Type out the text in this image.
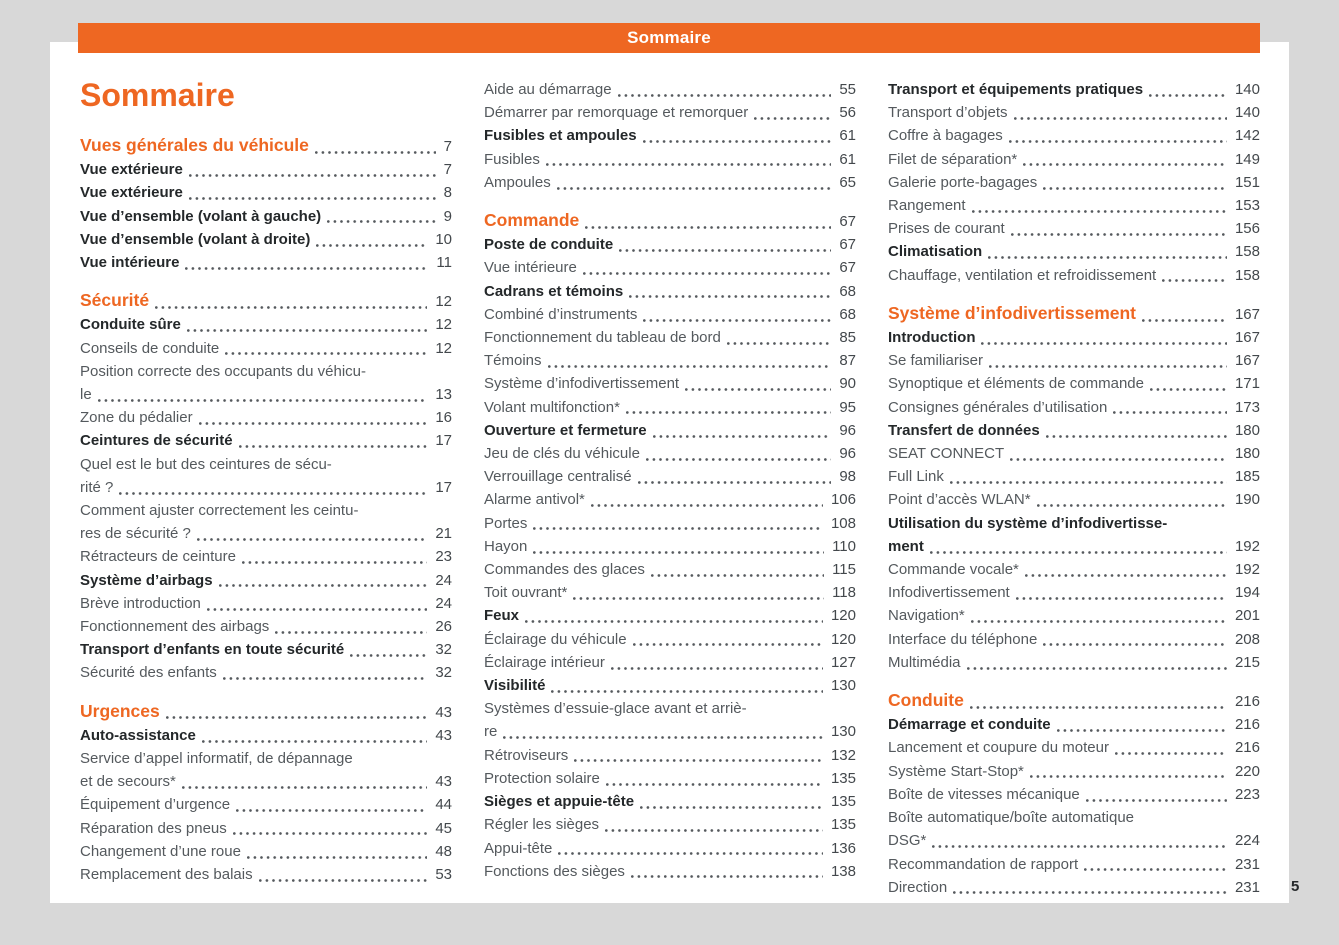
Sommaire
Vues générales du véhicule	7
Vue extérieure	7
Vue extérieure	8
Vue d’ensemble (volant à gauche)	9
Vue d’ensemble (volant à droite)	10
Vue intérieure	11
Sécurité	12
Conduite sûre	12
Conseils de conduite	12
Position correcte des occupants du véhicu-
le	13
Zone du pédalier	16
Ceintures de sécurité	17
Quel est le but des ceintures de sécu-
rité ?	17
Comment ajuster correctement les ceintu-
res de sécurité ?	21
Rétracteurs de ceinture	23
Système d’airbags	24
Brève introduction	24
Fonctionnement des airbags	26
Transport d’enfants en toute sécurité	32
Sécurité des enfants	32
Urgences	43
Auto-assistance	43
Service d’appel informatif, de dépannage
et de secours*	43
Équipement d’urgence	44
Réparation des pneus	45
Changement d’une roue	48
Remplacement des balais	53
Aide au démarrage	55
Démarrer par remorquage et remorquer	56
Fusibles et ampoules	61
Fusibles	61
Ampoules	65
Commande	67
Poste de conduite	67
Vue intérieure	67
Cadrans et témoins	68
Combiné d’instruments	68
Fonctionnement du tableau de bord	85
Témoins	87
Système d’infodivertissement	90
Volant multifonction*	95
Ouverture et fermeture	96
Jeu de clés du véhicule	96
Verrouillage centralisé	98
Alarme antivol*	106
Portes	108
Hayon	110
Commandes des glaces	115
Toit ouvrant*	118
Feux	120
Éclairage du véhicule	120
Éclairage intérieur	127
Visibilité	130
Systèmes d’essuie-glace avant et arriè-
re	130
Rétroviseurs	132
Protection solaire	135
Sièges et appuie-tête	135
Régler les sièges	135
Appui-tête	136
Fonctions des sièges	138
Transport et équipements pratiques	140
Transport d’objets	140
Coffre à bagages	142
Filet de séparation*	149
Galerie porte-bagages	151
Rangement	153
Prises de courant	156
Climatisation	158
Chauffage, ventilation et refroidissement	158
Système d’infodivertissement	167
Introduction	167
Se familiariser	167
Synoptique et éléments de commande	171
Consignes générales d’utilisation	173
Transfert de données	180
SEAT CONNECT	180
Full Link	185
Point d’accès WLAN*	190
Utilisation du système d’infodivertisse-
ment	192
Commande vocale*	192
Infodivertissement	194
Navigation*	201
Interface du téléphone	208
Multimédia	215
Conduite	216
Démarrage et conduite	216
Lancement et coupure du moteur	216
Système Start-Stop*	220
Boîte de vitesses mécanique	223
Boîte automatique/boîte automatique
DSG*	224
Recommandation de rapport	231
Direction	231
Sommaire
5
